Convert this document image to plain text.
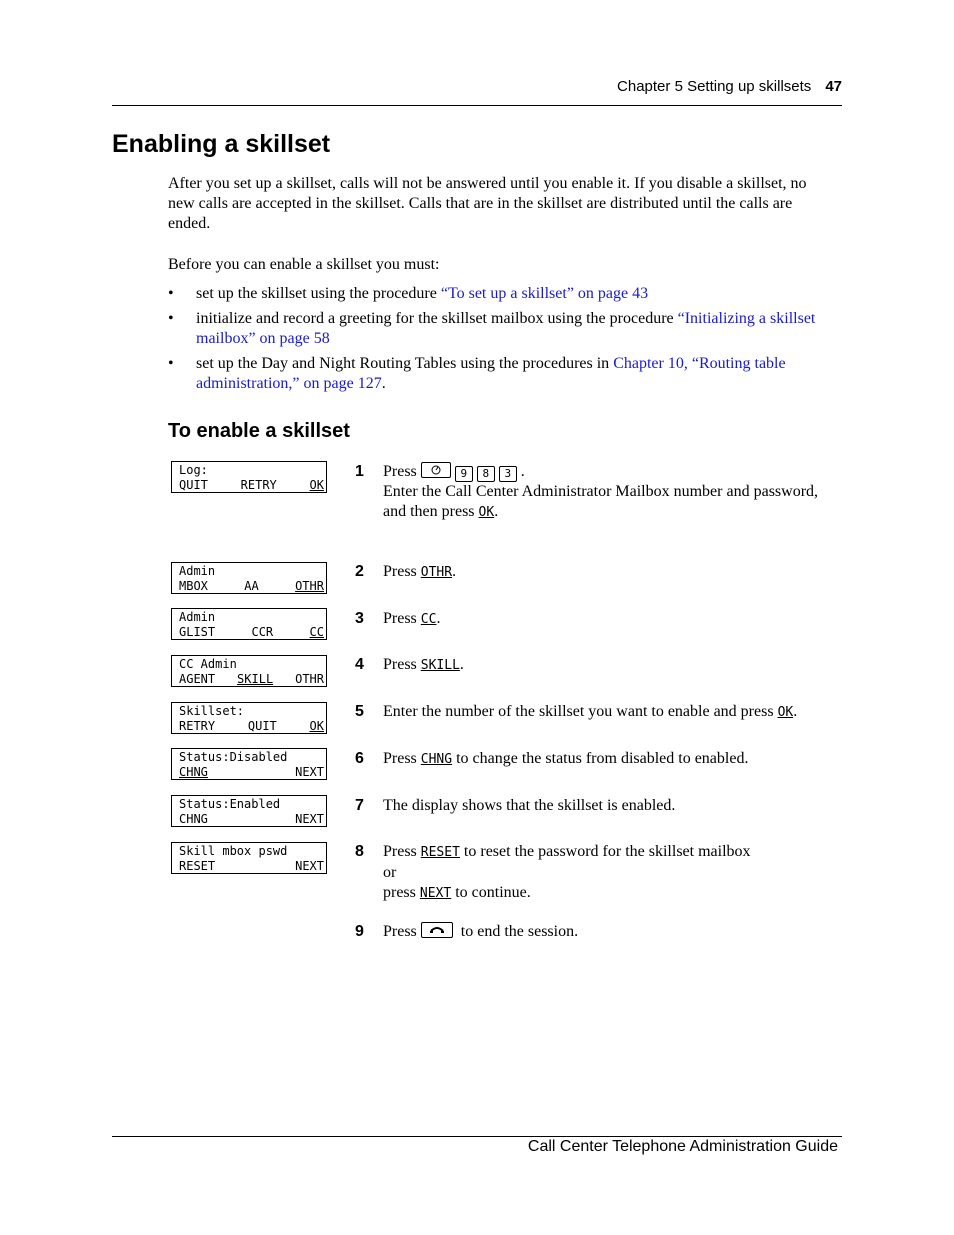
Chapter 5 Setting up skillsets 47
Enabling a skillset

After you set up a skillset, calls will not be answered until you enable it. If you disable a skillset, no new calls are accepted in the skillset. Calls that are in the skillset are distributed until the calls are ended.

Before you can enable a skillset you must:

• set up the skillset using the procedure “To set up a skillset” on page 43
• initialize and record a greeting for the skillset mailbox using the procedure “Initializing a skillset mailbox” on page 58
• set up the Day and Night Routing Tables using the procedures in Chapter 10, “Routing table administration,” on page 127.
To enable a skillset
Log:
QUIT	RETRY	OK
Admin
MBOX	AA	OTHR
Admin
GLIST	CCR	CC
CC Admin
AGENT SKILL OTHR
Skillset:
RETRY	QUIT	OK
Status:Disabled
CHNG	NEXT
Status:Enabled
CHNG	NEXT
Skill mbox pswd
RESET	NEXT
1 Press	9 8 3 .
Enter the Call Center Administrator Mailbox number and password,
and then press OK.
2 Press OTHR.
3 Press CC.
4 Press SKILL.
5 Enter the number of the skillset you want to enable and press OK.
6 Press CHNG to change the status from disabled to enabled.
7 The display shows that the skillset is enabled.
8 Press RESET to reset the password for the skillset mailbox
or
press NEXT to continue.
9 Press  to end the session.
Call Center Telephone Administration Guide
